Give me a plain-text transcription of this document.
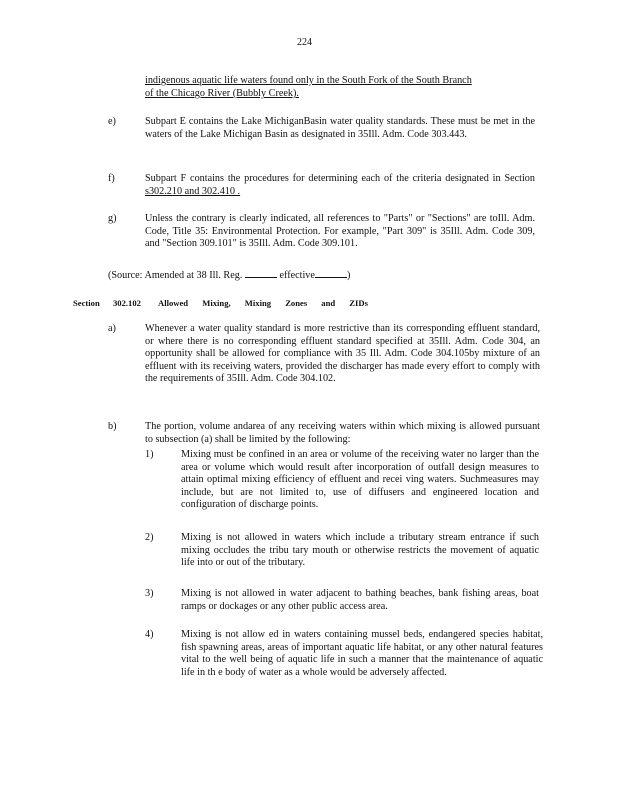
224
indigenous aquatic life waters found only in the South Fork of the South Branch
of the Chicago River (Bubbly Creek).
e)	Subpart E contains the Lake MichiganBasin water quality standards. These must be met in the waters of the Lake Michigan Basin as designated in 35Ill. Adm. Code 303.443.
f)	Subpart F contains the procedures for determining each of the criteria designated in Section s302.210 and 302.410 .
g)	Unless the contrary is clearly indicated, all references to "Parts" or "Sections" are toIll. Adm. Code, Title 35: Environmental Protection. For example, "Part 309" is 35Ill. Adm. Code 309, and "Section 309.101" is 35Ill. Adm. Code 309.101.
(Source: Amended at 38 Ill. Reg.	effective	)
Section 302.102 Allowed Mixing, Mixing Zones and ZIDs
a)	Whenever a water quality standard is more restrictive than its corresponding effluent standard, or where there is no corresponding effluent standard specified at 35Ill. Adm. Code 304, an opportunity shall be allowed for compliance with 35 Ill. Adm. Code 304.105by mixture of an effluent with its receiving waters, provided the discharger has made every effort to comply with the requirements of 35Ill. Adm. Code 304.102.
b)	The portion, volume andarea of any receiving waters within which mixing is allowed pursuant to subsection (a) shall be limited by the following:
1)	Mixing must be confined in an area or volume of the receiving water no larger than the area or volume which would result after incorporation of outfall design measures to attain optimal mixing efficiency of effluent and recei ving waters. Suchmeasures may include, but are not limited to, use of diffusers and engineered location and configuration of discharge points.
2)	Mixing is not allowed in waters which include a tributary stream entrance if such mixing occludes the tribu tary mouth or otherwise restricts the movement of aquatic life into or out of the tributary.
3)	Mixing is not allowed in water adjacent to bathing beaches, bank fishing areas, boat ramps or dockages or any other public access area.
4)	Mixing is not allow ed in waters containing mussel beds, endangered species habitat, fish spawning areas, areas of important aquatic life habitat, or any other natural features vital to the well being of aquatic life in such a manner that the maintenance of aquatic life in th e body of water as a whole would be adversely affected.
